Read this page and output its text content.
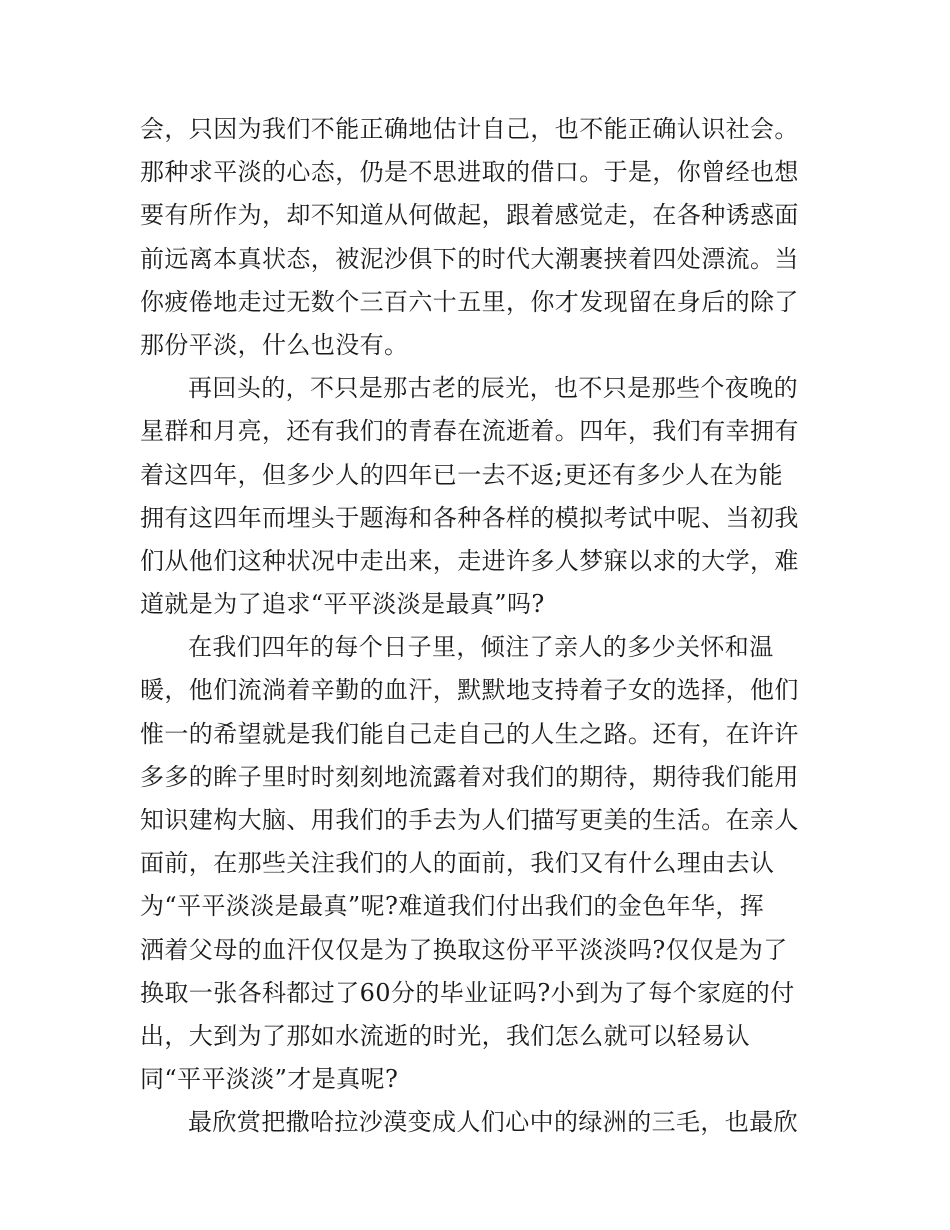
会，只因为我们不能正确地估计自己，也不能正确认识社会。
那种求平淡的心态，仍是不思进取的借口。于是，你曾经也想
要有所作为，却不知道从何做起，跟着感觉走，在各种诱惑面
前远离本真状态，被泥沙俱下的时代大潮裹挟着四处漂流。当
你疲倦地走过无数个三百六十五里，你才发现留在身后的除了
那份平淡，什么也没有。
再回头的，不只是那古老的辰光，也不只是那些个夜晚的
星群和月亮，还有我们的青春在流逝着。四年，我们有幸拥有
着这四年，但多少人的四年已一去不返;更还有多少人在为能
拥有这四年而埋头于题海和各种各样的模拟考试中呢、当初我
们从他们这种状况中走出来，走进许多人梦寐以求的大学，难
道就是为了追求“平平淡淡是最真”吗?
在我们四年的每个日子里，倾注了亲人的多少关怀和温
暖，他们流淌着辛勤的血汗，默默地支持着子女的选择，他们
惟一的希望就是我们能自己走自己的人生之路。还有，在许许
多多的眸子里时时刻刻地流露着对我们的期待，期待我们能用
知识建构大脑、用我们的手去为人们描写更美的生活。在亲人
面前，在那些关注我们的人的面前，我们又有什么理由去认
为“平平淡淡是最真”呢?难道我们付出我们的金色年华，挥
洒着父母的血汗仅仅是为了换取这份平平淡淡吗?仅仅是为了
换取一张各科都过了60分的毕业证吗?小到为了每个家庭的付
出，大到为了那如水流逝的时光，我们怎么就可以轻易认
同“平平淡淡”才是真呢?
最欣赏把撒哈拉沙漠变成人们心中的绿洲的三毛，也最欣
